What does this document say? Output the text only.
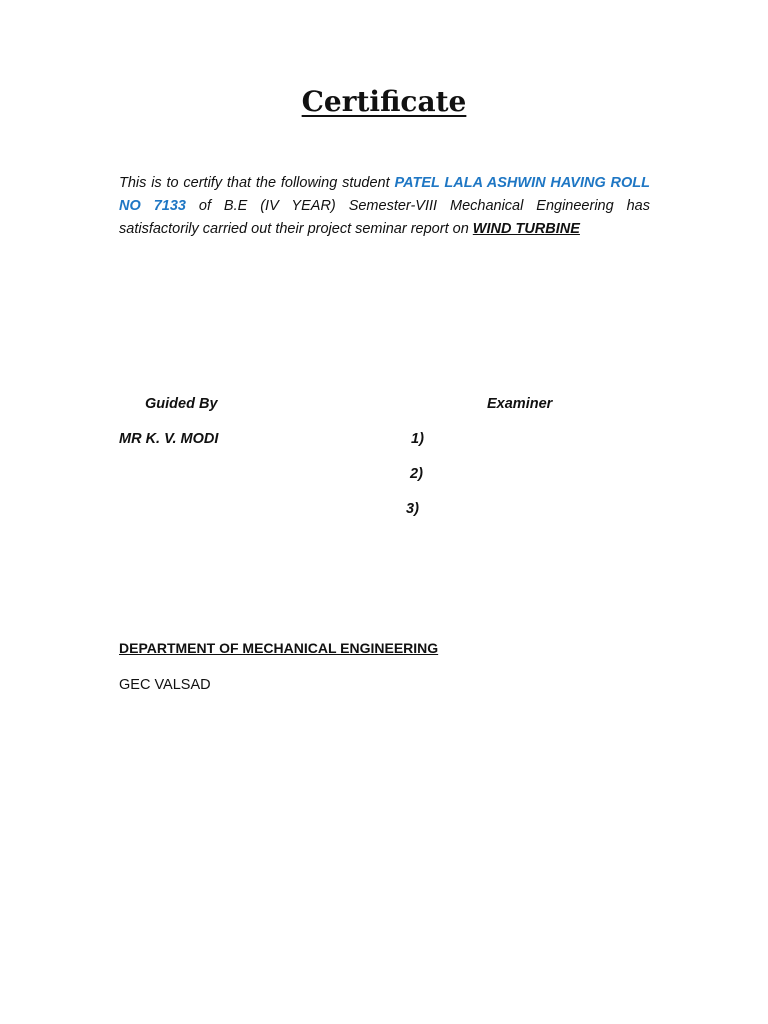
Certificate
This is to certify that the following student PATEL LALA ASHWIN HAVING ROLL NO 7133 of B.E (IV YEAR) Semester-VIII Mechanical Engineering has satisfactorily carried out their project seminar report on WIND TURBINE
Guided By	Examiner
MR K. V. MODI	1)
2)
3)
DEPARTMENT OF MECHANICAL ENGINEERING
GEC VALSAD
